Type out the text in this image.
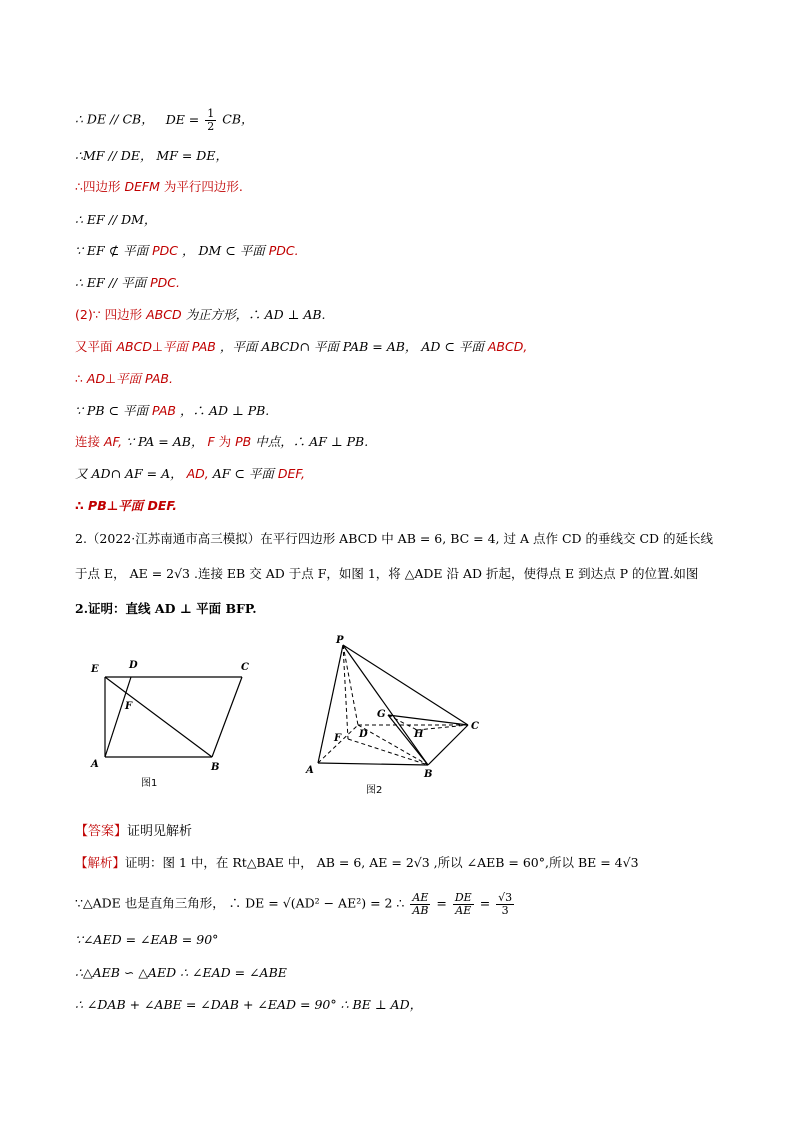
∴ DE // CB， DE = $\frac{1}{2}$ CB，
∴MF // DE， MF = DE，
∴四边形 DEFM 为平行四边形.
∴ EF // DM，
∵ EF ⊄ 平面 PDC ， DM ⊂ 平面 PDC.
∴ EF // 平面 PDC.
(2)∵ 四边形 ABCD 为正方形，∴ AD ⊥ AB.
又平面 ABCD⊥平面 PAB ，平面 ABCD∩ 平面 PAB = AB， AD ⊂ 平面 ABCD,
∴ AD⊥平面 PAB.
∵ PB ⊂ 平面 PAB ，∴ AD ⊥ PB.
连接 AF, ∵ PA = AB， F 为 PB 中点，∴ AF ⊥ PB.
又 AD∩ AF = A， AD, AF ⊂ 平面 DEF,
∴ PB⊥平面 DEF.
2.（2022·江苏南通市高三模拟）在平行四边形 ABCD 中 AB = 6, BC = 4, 过 A 点作 CD 的垂线交 CD 的延长线
于点 E， AE = 2√3 .连接 EB 交 AD 于点 F，如图 1，将 △ADE 沿 AD 折起，使得点 E 到达点 P 的位置.如图
2.证明：直线 AD ⊥ 平面 BFP.
E	D	C
F
A	B
图1
P
G
C
F D	H
A	B
图2
【答案】证明见解析
【解析】证明：图 1 中，在 Rt△BAE 中， AB = 6, AE = 2√3 ,所以 ∠AEB = 60°,所以 BE = 4√3
∵△ADE 也是直角三角形， ∴ DE = √(AD² − AE²) = 2 ∴ $\frac{AE}{AB} = \frac{DE}{AE} = \frac{√3}{3}$
∵∠AED = ∠EAB = 90°
∴△AEB ∽ △AED ∴ ∠EAD = ∠ABE
∴ ∠DAB + ∠ABE = ∠DAB + ∠EAD = 90° ∴ BE ⊥ AD，
